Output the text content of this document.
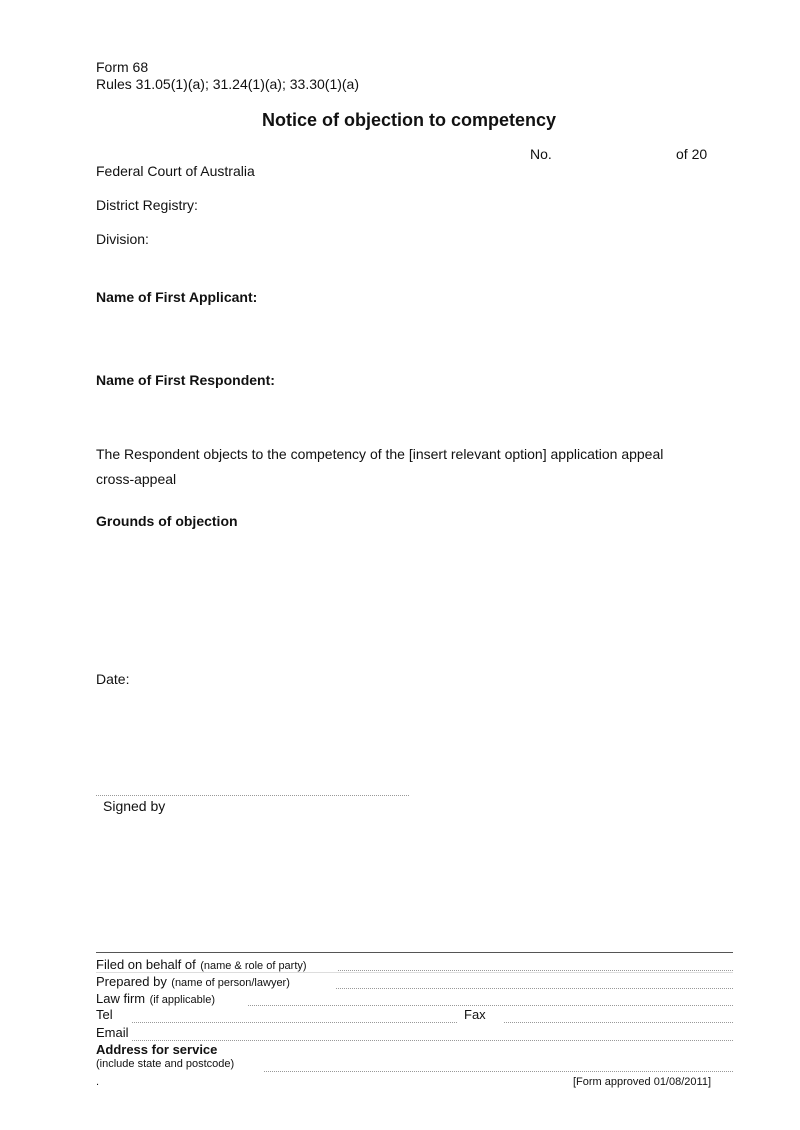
Form 68
Rules 31.05(1)(a); 31.24(1)(a); 33.30(1)(a)
Notice of objection to competency
No.	of 20
Federal Court of Australia
District Registry:
Division:
Name of First Applicant:
Name of First Respondent:
The Respondent objects to the competency of the [insert relevant option] application appeal
cross-appeal
Grounds of objection
Date:
Signed by
Filed on behalf of (name & role of party)
Prepared by (name of person/lawyer)
Law firm (if applicable)
Tel	Fax
Email
Address for service
(include state and postcode)
.	[Form approved 01/08/2011]
